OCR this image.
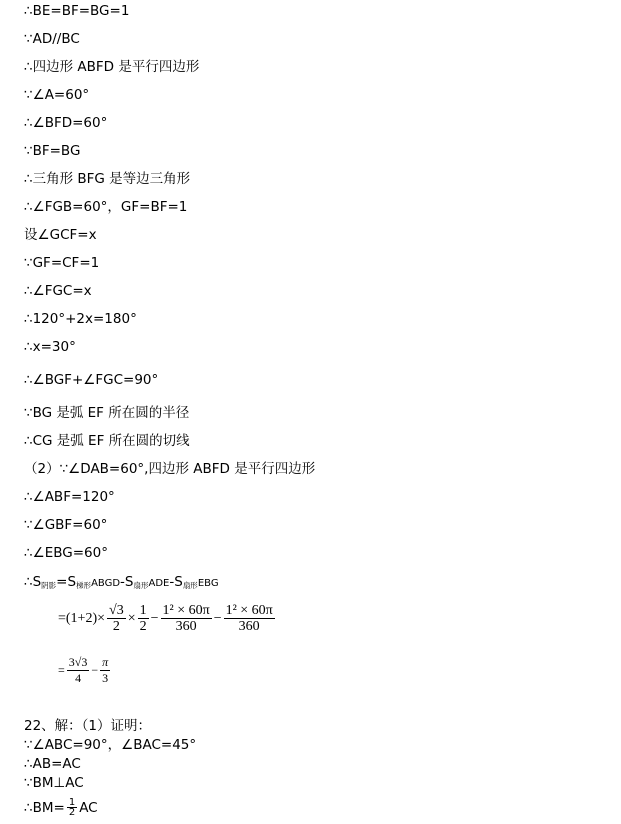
∴BE=BF=BG=1
∵AD//BC
∴四边形 ABFD 是平行四边形
∵∠A=60°
∴∠BFD=60°
∵BF=BG
∴三角形 BFG 是等边三角形
∴∠FGB=60°，GF=BF=1
设∠GCF=x
∵GF=CF=1
∴∠FGC=x
∴120°+2x=180°
∴x=30°
∴∠BGF+∠FGC=90°
∵BG 是弧 EF 所在圆的半径
∴CG 是弧 EF 所在圆的切线
（2）∵∠DAB=60°,四边形 ABFD 是平行四边形
∴∠ABF=120°
∵∠GBF=60°
∴∠EBG=60°
$\therefore S_{阴影}=S_{梯形}ABGD-S_{扇形}ADE-S_{扇形}EBG$
$=(1+2)\times \frac{√3}{2} \times \frac{1}{2} - \frac{\text{1² × 60π}}{360} - \frac{\text{1² × 60π}}{360}$
= $\frac{3√3}{4} - \frac{\pi}{3}$
22、解：（1）证明：
∵∠ABC=90°，∠BAC=45°
∴AB=AC
∵BM⊥AC
∴BM= $\frac{1}{2}$ AC
